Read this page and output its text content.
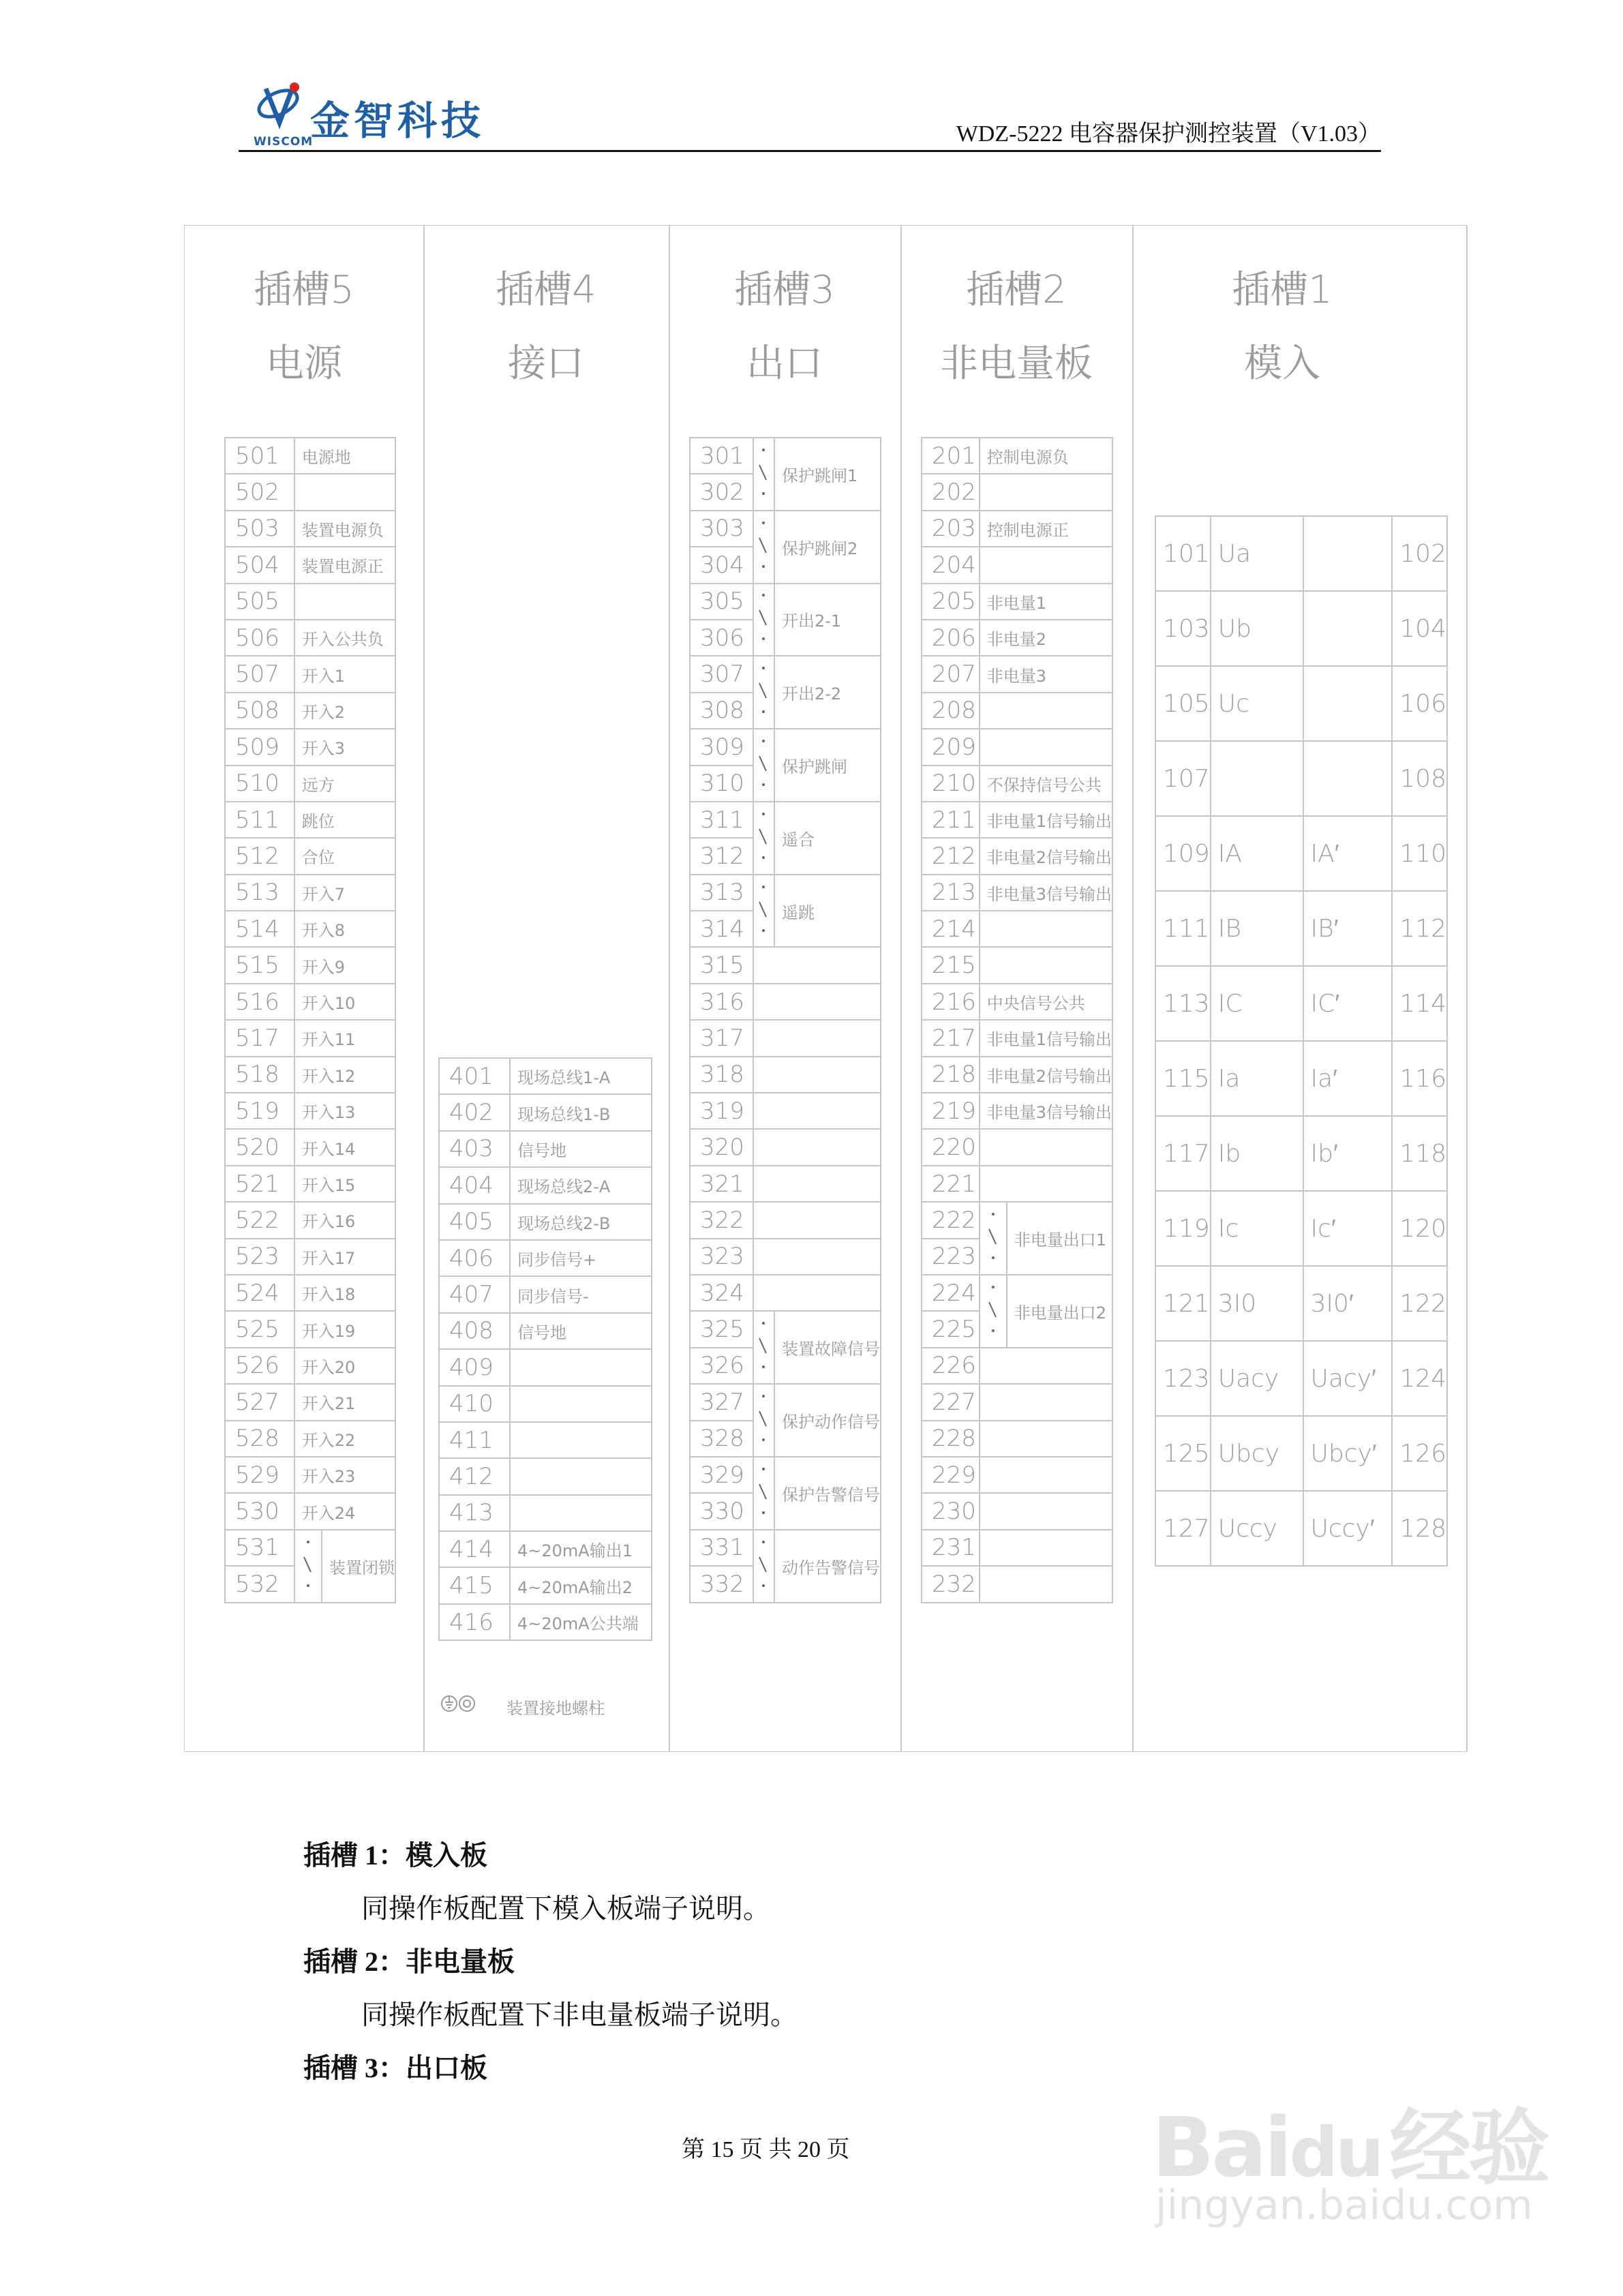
金智科技
WISCOM	WDZ-5222 电容器保护测控装置（V1.03）
插槽5
电源
插槽4
接口
插槽3
出口
插槽2
非电量板
插槽1
模入
501	电源地	
502		
503	装置电源负	
504	装置电源正	
505		
506	开入公共负	
507	开入1	
508	开入2	
509	开入3	
510	远方	
511	跳位	
512	合位	
513	开入7	
514	开入8	
515	开入9	
516	开入10	
517	开入11	
518	开入12	
519	开入13	
520	开入14	
521	开入15	
522	开入16	
523	开入17	
524	开入18	
525	开入19	
526	开入20	
527	开入21	
528	开入22	
529	开入23	
530	开入24	
531		装置闭锁
532		
401	现场总线1-A
402	现场总线1-B
403	信号地
404	现场总线2-A
405	现场总线2-B
406	同步信号+
407	同步信号-
408	信号地
409	
410	
411	
412	
413	
414	4~20mA输出1
415	4~20mA输出2
416	4~20mA公共端
装置接地螺柱
301		保护跳闸1
302		
303		保护跳闸2
304		
305		开出2-1
306		
307		开出2-2
308		
309		保护跳闸
310		
311		遥合
312		
313		遥跳
314		
315		
316		
317		
318		
319		
320		
321		
322		
323		
324		
325		装置故障信号
326		
327		保护动作信号
328		
329		保护告警信号
330		
331		动作告警信号
332		
201	控制电源负	
202		
203	控制电源正	
204		
205	非电量1	
206	非电量2	
207	非电量3	
208		
209		
210	不保持信号公共	
211	非电量1信号输出	
212	非电量2信号输出	
213	非电量3信号输出	
214		
215		
216	中央信号公共	
217	非电量1信号输出	
218	非电量2信号输出	
219	非电量3信号输出	
220		
221		
222		非电量出口1
223		
224		非电量出口2
225		
226		
227		
228		
229		
230		
231		
232		
101	Ua		102
103	Ub		104
105	Uc		106
107			108
109	IA	IA′	110
111	IB	IB′	112
113	IC	IC′	114
115	Ia	Ia′	116
117	Ib	Ib′	118
119	Ic	Ic′	120
121	3I0	3I0′	122
123	Uacy	Uacy′	124
125	Ubcy	Ubcy′	126
127	Uccy	Uccy′	128
插槽 1：模入板
同操作板配置下模入板端子说明。
插槽 2：非电量板
同操作板配置下非电量板端子说明。
插槽 3：出口板
第 15 页 共 20 页	Baidu 经验
jingyan.baidu.com
